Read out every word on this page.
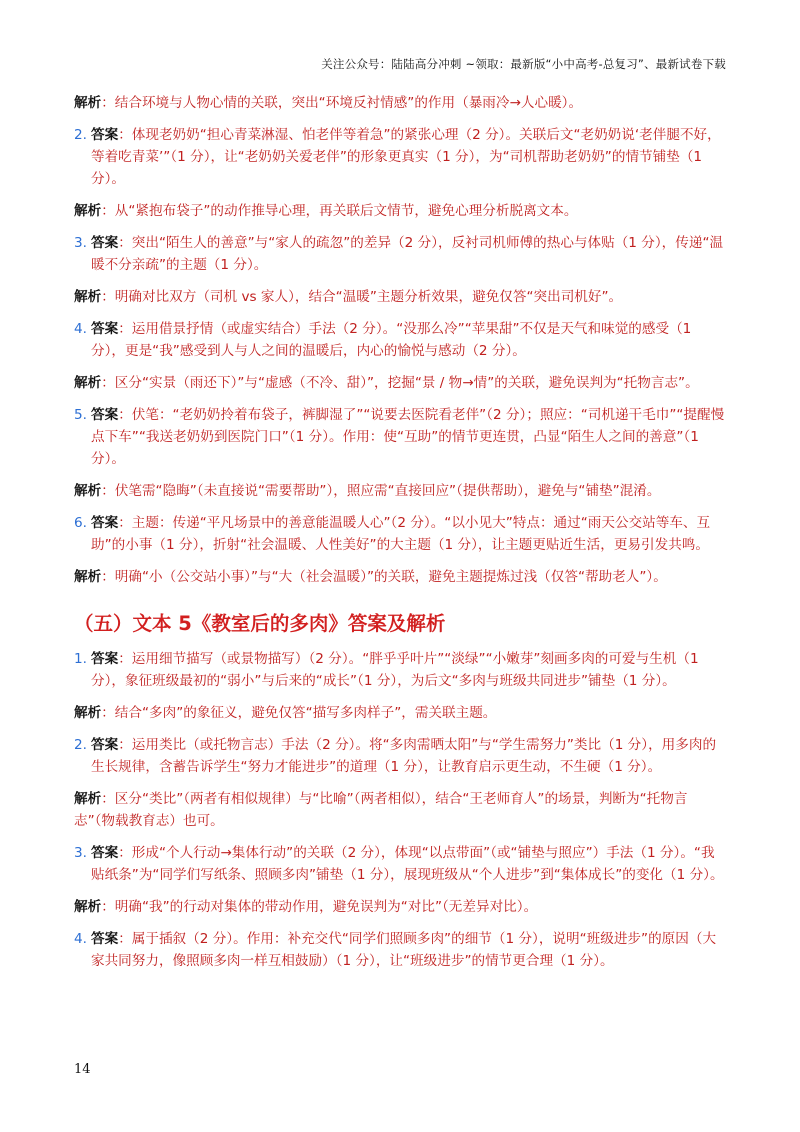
关注公众号：陆陆高分冲刺 ~领取：最新版“小中高考-总复习”、最新试卷下载
解析：结合环境与人物心情的关联，突出“环境反衬情感”的作用（暴雨冷→人心暖）。
2. 答案：体现老奶奶“担心青菜淋湿、怕老伴等着急”的紧张心理（2 分）。关联后文“老奶奶说‘老伴腿不好，等着吃青菜’”（1 分），让“老奶奶关爱老伴”的形象更真实（1 分），为“司机帮助老奶奶”的情节铺垫（1 分）。
解析：从“紧抱布袋子”的动作推导心理，再关联后文情节，避免心理分析脱离文本。
3. 答案：突出“陌生人的善意”与“家人的疏忽”的差异（2 分），反衬司机师傅的热心与体贴（1 分），传递“温暖不分亲疏”的主题（1 分）。
解析：明确对比双方（司机 vs 家人），结合“温暖”主题分析效果，避免仅答“突出司机好”。
4. 答案：运用借景抒情（或虚实结合）手法（2 分）。“没那么冷”“苹果甜”不仅是天气和味觉的感受（1 分），更是“我”感受到人与人之间的温暖后，内心的愉悦与感动（2 分）。
解析：区分“实景（雨还下）”与“虚感（不冷、甜）”，挖掘“景 / 物→情”的关联，避免误判为“托物言志”。
5. 答案：伏笔：“老奶奶拎着布袋子，裤脚湿了”“说要去医院看老伴”（2 分）；照应：“司机递干毛巾”“提醒慢点下车”“我送老奶奶到医院门口”（1 分）。作用：使“互助”的情节更连贯，凸显“陌生人之间的善意”（1 分）。
解析：伏笔需“隐晦”（未直接说“需要帮助”），照应需“直接回应”（提供帮助），避免与“铺垫”混淆。
6. 答案：主题：传递“平凡场景中的善意能温暖人心”（2 分）。“以小见大”特点：通过“雨天公交站等车、互助”的小事（1 分），折射“社会温暖、人性美好”的大主题（1 分），让主题更贴近生活，更易引发共鸣。
解析：明确“小（公交站小事）”与“大（社会温暖）”的关联，避免主题提炼过浅（仅答“帮助老人”）。
（五）文本 5《教室后的多肉》答案及解析
1. 答案：运用细节描写（或景物描写）（2 分）。“胖乎乎叶片”“淡绿”“小嫩芽”刻画多肉的可爱与生机（1 分），象征班级最初的“弱小”与后来的“成长”（1 分），为后文“多肉与班级共同进步”铺垫（1 分）。
解析：结合“多肉”的象征义，避免仅答“描写多肉样子”，需关联主题。
2. 答案：运用类比（或托物言志）手法（2 分）。将“多肉需晒太阳”与“学生需努力”类比（1 分），用多肉的生长规律，含蓄告诉学生“努力才能进步”的道理（1 分），让教育启示更生动，不生硬（1 分）。
解析：区分“类比”（两者有相似规律）与“比喻”（两者相似），结合“王老师育人”的场景，判断为“托物言志”（物载教育志）也可。
3. 答案：形成“个人行动→集体行动”的关联（2 分），体现“以点带面”（或“铺垫与照应”）手法（1 分）。“我贴纸条”为“同学们写纸条、照顾多肉”铺垫（1 分），展现班级从“个人进步”到“集体成长”的变化（1 分）。
解析：明确“我”的行动对集体的带动作用，避免误判为“对比”（无差异对比）。
4. 答案：属于插叙（2 分）。作用：补充交代“同学们照顾多肉”的细节（1 分），说明“班级进步”的原因（大家共同努力，像照顾多肉一样互相鼓励）（1 分），让“班级进步”的情节更合理（1 分）。
14
